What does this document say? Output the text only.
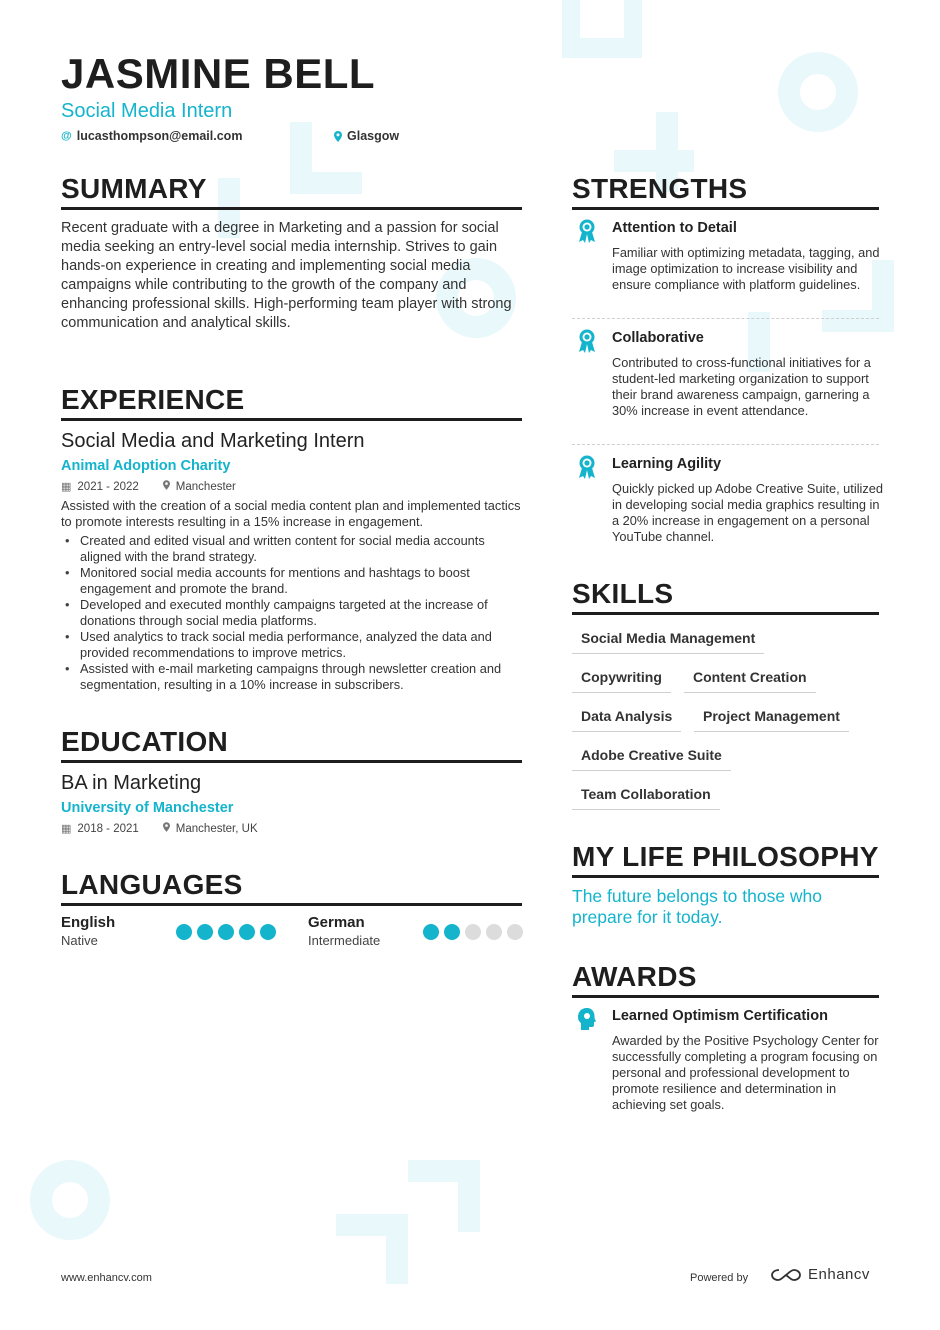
JASMINE BELL
Social Media Intern
@ lucasthompson@email.com	Glasgow
SUMMARY
Recent graduate with a degree in Marketing and a passion for social media seeking an entry-level social media internship. Strives to gain hands-on experience in creating and implementing social media campaigns while contributing to the growth of the company and enhancing professional skills. High-performing team player with strong communication and analytical skills.
EXPERIENCE
Social Media and Marketing Intern
Animal Adoption Charity
▦ 2021 - 2022	Manchester
Assisted with the creation of a social media content plan and implemented tactics to promote interests resulting in a 15% increase in engagement.
• Created and edited visual and written content for social media accounts aligned with the brand strategy.
• Monitored social media accounts for mentions and hashtags to boost engagement and promote the brand.
• Developed and executed monthly campaigns targeted at the increase of donations through social media platforms.
• Used analytics to track social media performance, analyzed the data and provided recommendations to improve metrics.
• Assisted with e-mail marketing campaigns through newsletter creation and segmentation, resulting in a 10% increase in subscribers.
EDUCATION
BA in Marketing
University of Manchester
▦ 2018 - 2021	Manchester, UK
LANGUAGES
English
Native
German
Intermediate
STRENGTHS
Attention to Detail
Familiar with optimizing metadata, tagging, and image optimization to increase visibility and ensure compliance with platform guidelines.
Collaborative
Contributed to cross-functional initiatives for a student-led marketing organization to support their brand awareness campaign, garnering a 30% increase in event attendance.
Learning Agility
Quickly picked up Adobe Creative Suite, utilized in developing social media graphics resulting in a 20% increase in engagement on a personal YouTube channel.
SKILLS
Social Media Management
Copywriting	Content Creation
Data Analysis	Project Management
Adobe Creative Suite
Team Collaboration
MY LIFE PHILOSOPHY
The future belongs to those who prepare for it today.
AWARDS
Learned Optimism Certification
Awarded by the Positive Psychology Center for successfully completing a program focusing on personal and professional development to promote resilience and determination in achieving set goals.
www.enhancv.com	Powered by	Enhancv
